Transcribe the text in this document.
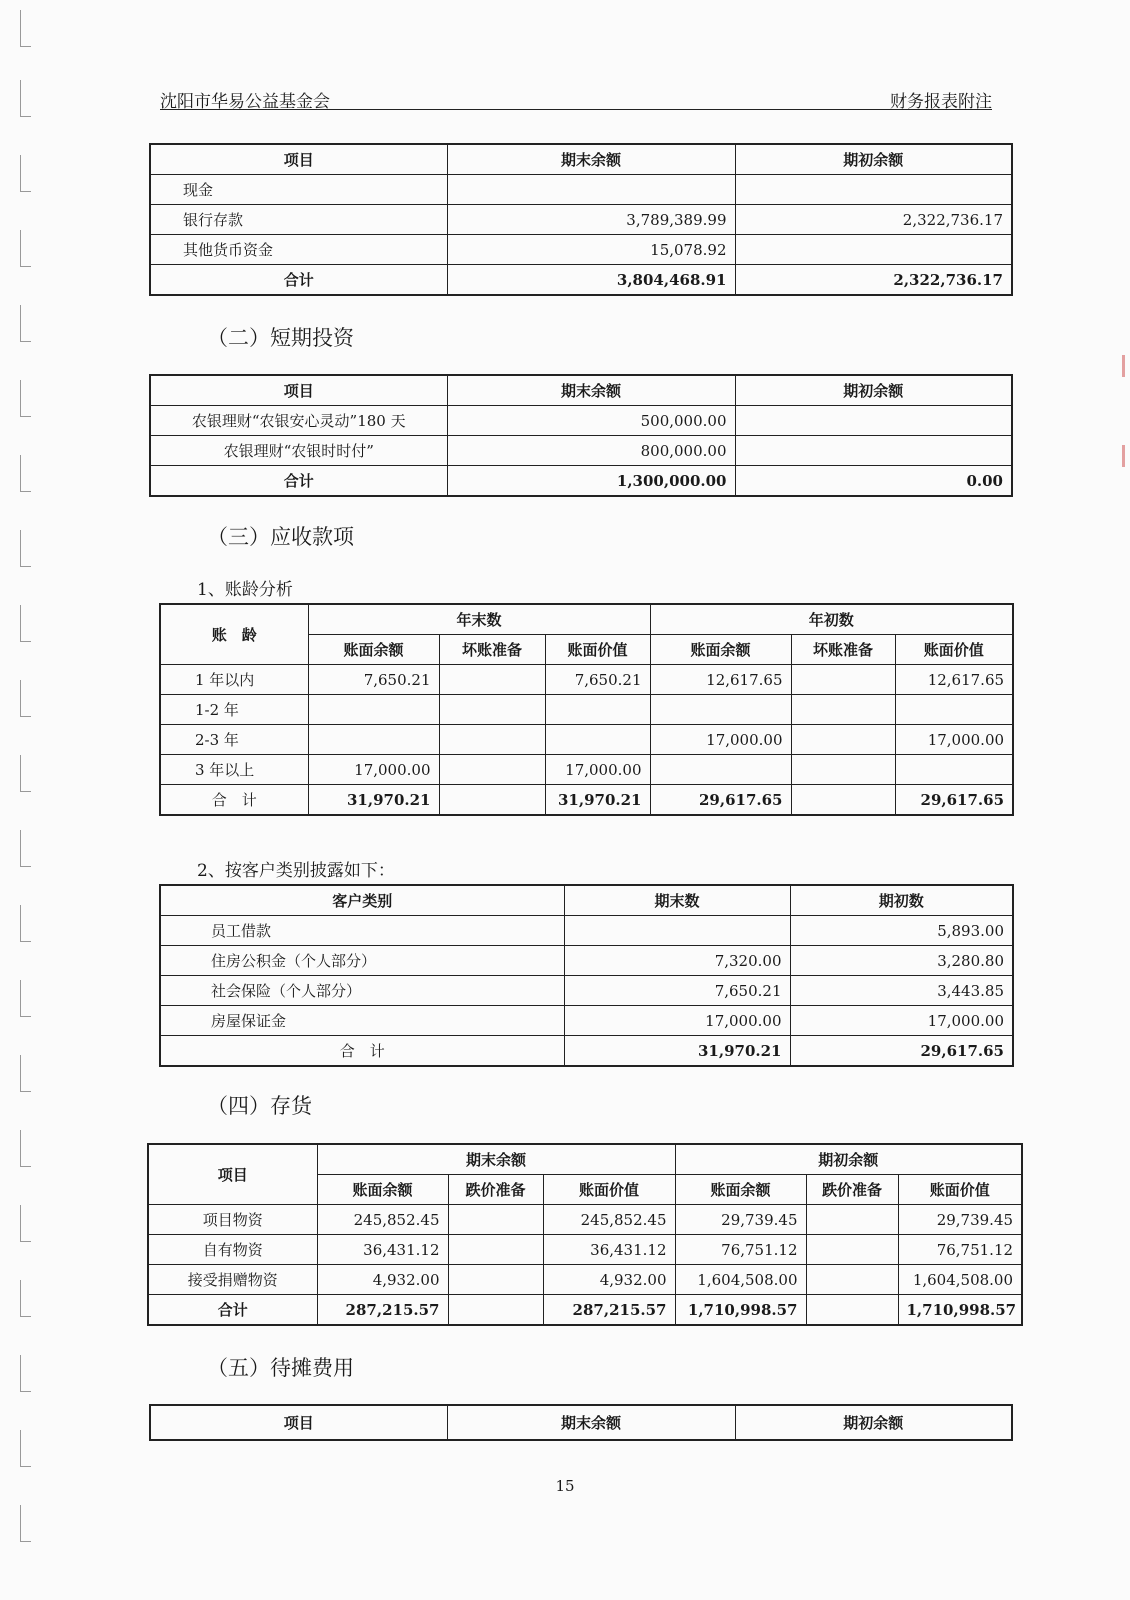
沈阳市华易公益基金会	财务报表附注
项目	期末余额	期初余额
现金		
银行存款	3,789,389.99	2,322,736.17
其他货币资金	15,078.92	
合计	3,804,468.91	2,322,736.17
（二）短期投资
项目	期末余额	期初余额
农银理财“农银安心灵动”180 天	500,000.00	
农银理财“农银时时付”	800,000.00	
合计	1,300,000.00	0.00
（三）应收款项
1、账龄分析
账　龄	年末数			年初数		
	账面余额	坏账准备	账面价值	账面余额	坏账准备	账面价值
1 年以内	7,650.21		7,650.21	12,617.65		12,617.65
1-2 年						
2-3 年				17,000.00		17,000.00
3 年以上	17,000.00		17,000.00			
合　计	31,970.21		31,970.21	29,617.65		29,617.65
2、按客户类别披露如下：
客户类别	期末数	期初数
员工借款		5,893.00
住房公积金（个人部分）	7,320.00	3,280.80
社会保险（个人部分）	7,650.21	3,443.85
房屋保证金	17,000.00	17,000.00
合　计	31,970.21	29,617.65
（四）存货
项目	期末余额			期初余额		
	账面余额	跌价准备	账面价值	账面余额	跌价准备	账面价值
项目物资	245,852.45		245,852.45	29,739.45		29,739.45
自有物资	36,431.12		36,431.12	76,751.12		76,751.12
接受捐赠物资	4,932.00		4,932.00	1,604,508.00		1,604,508.00
合计	287,215.57		287,215.57	1,710,998.57		1,710,998.57
（五）待摊费用
项目	期末余额	期初余额
15
